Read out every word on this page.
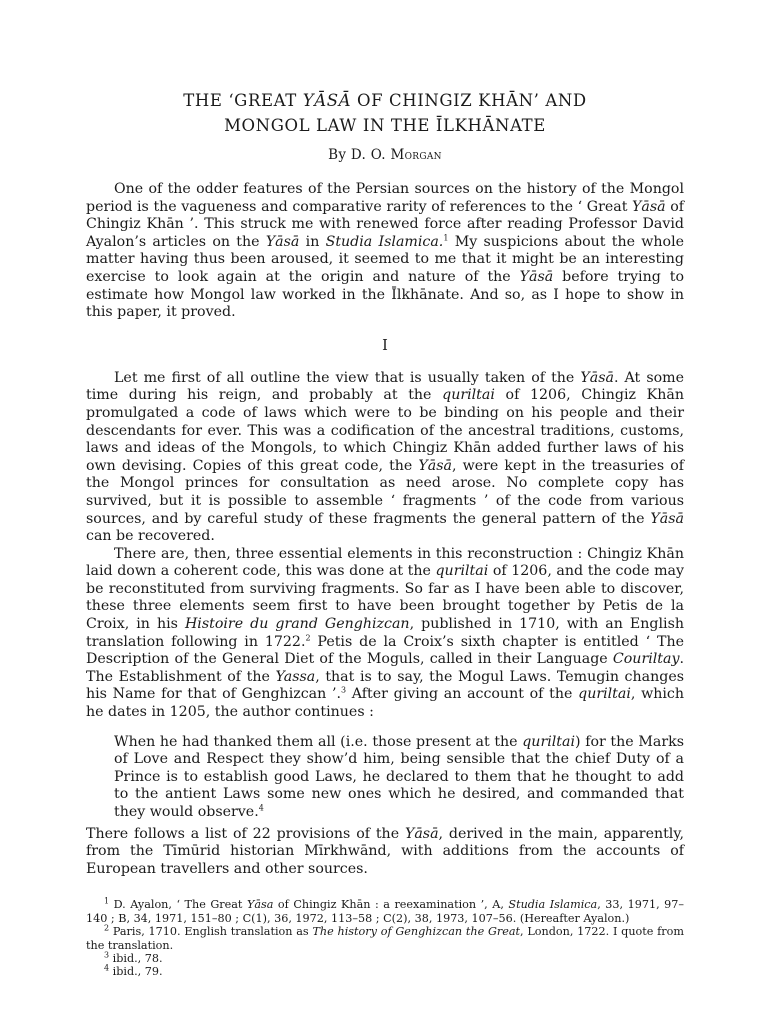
THE ‘GREAT YĀSĀ OF CHINGIZ KHĀN’ AND
MONGOL LAW IN THE ĪLKHĀNATE
By D. O. Morgan

One of the odder features of the Persian sources on the history of the Mongol period is the vagueness and comparative rarity of references to the ‘ Great Yāsā of Chingiz Khān ’. This struck me with renewed force after reading Professor David Ayalon’s articles on the Yāsā in Studia Islamica.$^1$ My suspicions about the whole matter having thus been aroused, it seemed to me that it might be an interesting exercise to look again at the origin and nature of the Yāsā before trying to estimate how Mongol law worked in the Īlkhānate. And so, as I hope to show in this paper, it proved.

I

Let me first of all outline the view that is usually taken of the Yāsā. At some time during his reign, and probably at the quriltai of 1206, Chingiz Khān promulgated a code of laws which were to be binding on his people and their descendants for ever. This was a codification of the ancestral traditions, customs, laws and ideas of the Mongols, to which Chingiz Khān added further laws of his own devising. Copies of this great code, the Yāsā, were kept in the treasuries of the Mongol princes for consultation as need arose. No complete copy has survived, but it is possible to assemble ‘ fragments ’ of the code from various sources, and by careful study of these fragments the general pattern of the Yāsā can be recovered.

There are, then, three essential elements in this reconstruction : Chingiz Khān laid down a coherent code, this was done at the quriltai of 1206, and the code may be reconstituted from surviving fragments. So far as I have been able to discover, these three elements seem first to have been brought together by Petis de la Croix, in his Histoire du grand Genghizcan, published in 1710, with an English translation following in 1722.$^2$ Petis de la Croix’s sixth chapter is entitled ‘ The Description of the General Diet of the Moguls, called in their Language Couriltay. The Establishment of the Yassa, that is to say, the Mogul Laws. Temugin changes his Name for that of Genghizcan ’.$^3$ After giving an account of the quriltai, which he dates in 1205, the author continues :

When he had thanked them all (i.e. those present at the quriltai) for the Marks of Love and Respect they show’d him, being sensible that the chief Duty of a Prince is to establish good Laws, he declared to them that he thought to add to the antient Laws some new ones which he desired, and commanded that they would observe.$^4$

There follows a list of 22 provisions of the Yāsā, derived in the main, apparently, from the Tīmūrid historian Mīrkhwānd, with additions from the accounts of European travellers and other sources.

$^1$ D. Ayalon, ‘ The Great Yāsa of Chingiz Khān : a reexamination ’, A, Studia Islamica, 33, 1971, 97–140 ; B, 34, 1971, 151–80 ; C(1), 36, 1972, 113–58 ; C(2), 38, 1973, 107–56. (Hereafter Ayalon.)

$^2$ Paris, 1710. English translation as The history of Genghizcan the Great, London, 1722. I quote from the translation.

$^3$ ibid., 78.

$^4$ ibid., 79.
